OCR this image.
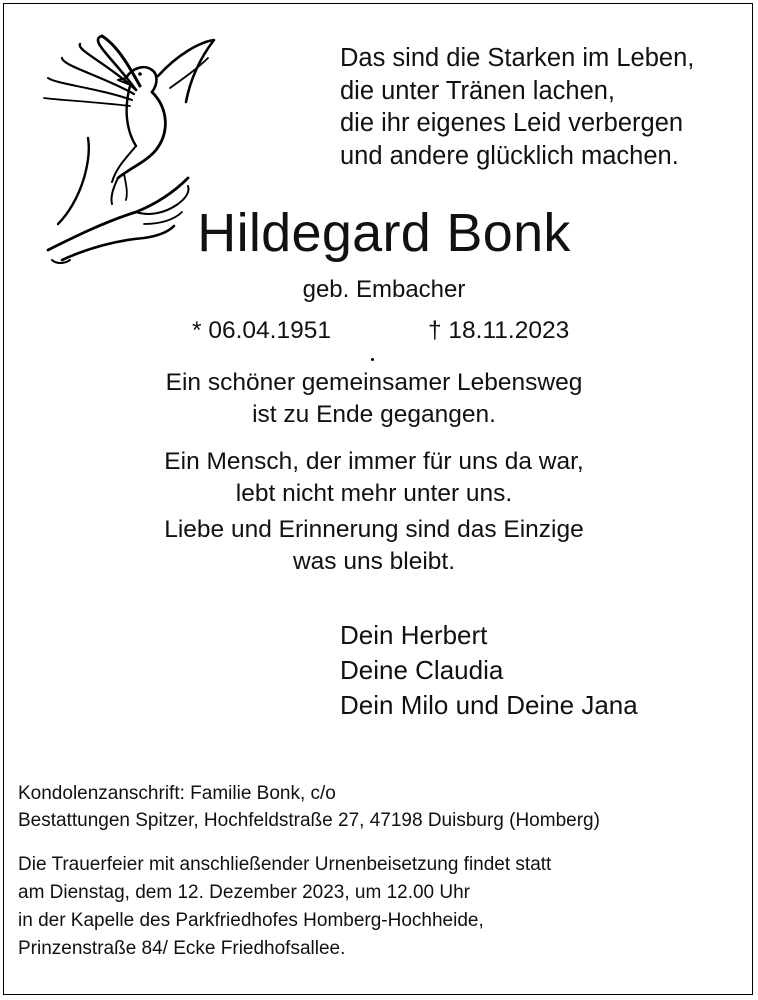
Das sind die Starken im Leben,
die unter Tränen lachen,
die ihr eigenes Leid verbergen
und andere glücklich machen.
Hildegard Bonk
geb. Embacher
* 06.04.1951	† 18.11.2023
Ein schöner gemeinsamer Lebensweg
ist zu Ende gegangen.
Ein Mensch, der immer für uns da war,
lebt nicht mehr unter uns.
Liebe und Erinnerung sind das Einzige
was uns bleibt.
Dein Herbert
Deine Claudia
Dein Milo und Deine Jana
Kondolenzanschrift: Familie Bonk, c/o
Bestattungen Spitzer, Hochfeldstraße 27, 47198 Duisburg (Homberg)
Die Trauerfeier mit anschließender Urnenbeisetzung findet statt
am Dienstag, dem 12. Dezember 2023, um 12.00 Uhr
in der Kapelle des Parkfriedhofes Homberg-Hochheide,
Prinzenstraße 84/ Ecke Friedhofsallee.
